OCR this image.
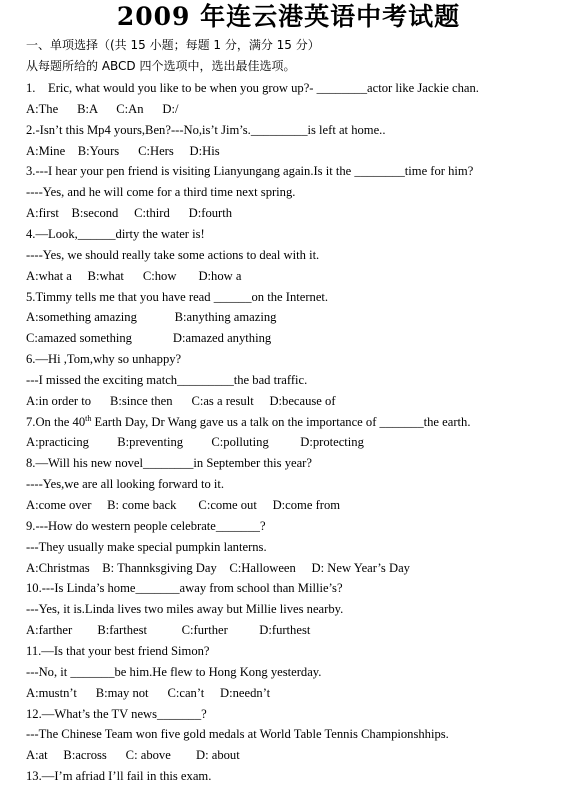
2009 年连云港英语中考试题
一、单项选择（(共 15 小题；每题 1 分，满分 15 分）
从每题所给的 ABCD 四个选项中，选出最佳选项。
1.    Eric, what would you like to be when you grow up?- ________actor like Jackie chan.
A:The      B:A      C:An      D:/
2.-Isn’t this Mp4 yours,Ben?---No,is’t Jim’s._________is left at home..
A:Mine    B:Yours      C:Hers     D:His
3.---I hear your pen friend is visiting Lianyungang again.Is it the ________time for him?
----Yes, and he will come for a third time next spring.
A:first    B:second     C:third      D:fourth
4.—Look,______dirty the water is!
----Yes, we should really take some actions to deal with it.
A:what a     B:what      C:how       D:how a
5.Timmy tells me that you have read ______on the Internet.
A:something amazing            B:anything amazing
C:amazed something             D:amazed anything
6.—Hi ,Tom,why so unhappy?
---I missed the exciting match_________the bad traffic.
A:in order to      B:since then      C:as a result     D:because of
7.On the 40th Earth Day, Dr Wang gave us a talk on the importance of _______the earth.
A:practicing         B:preventing         C:polluting          D:protecting
8.—Will his new novel________in September this year?
----Yes,we are all looking forward to it.
A:come over     B: come back       C:come out     D:come from
9.---How do western people celebrate_______?
---They usually make special pumpkin lanterns.
A:Christmas    B: Thannksgiving Day    C:Halloween     D: New Year’s Day
10.---Is Linda’s home_______away from school than Millie’s?
---Yes, it is.Linda lives two miles away but Millie lives nearby.
A:farther        B:farthest           C:further          D:furthest
11.—Is that your best friend Simon?
---No, it _______be him.He flew to Hong Kong yesterday.
A:mustn’t      B:may not      C:can’t     D:needn’t
12.—What’s the TV news_______?
---The Chinese Team won five gold medals at World Table Tennis Championshhips.
A:at     B:across      C: above        D: about
13.—I’m afriad I’ll fail in this exam.
